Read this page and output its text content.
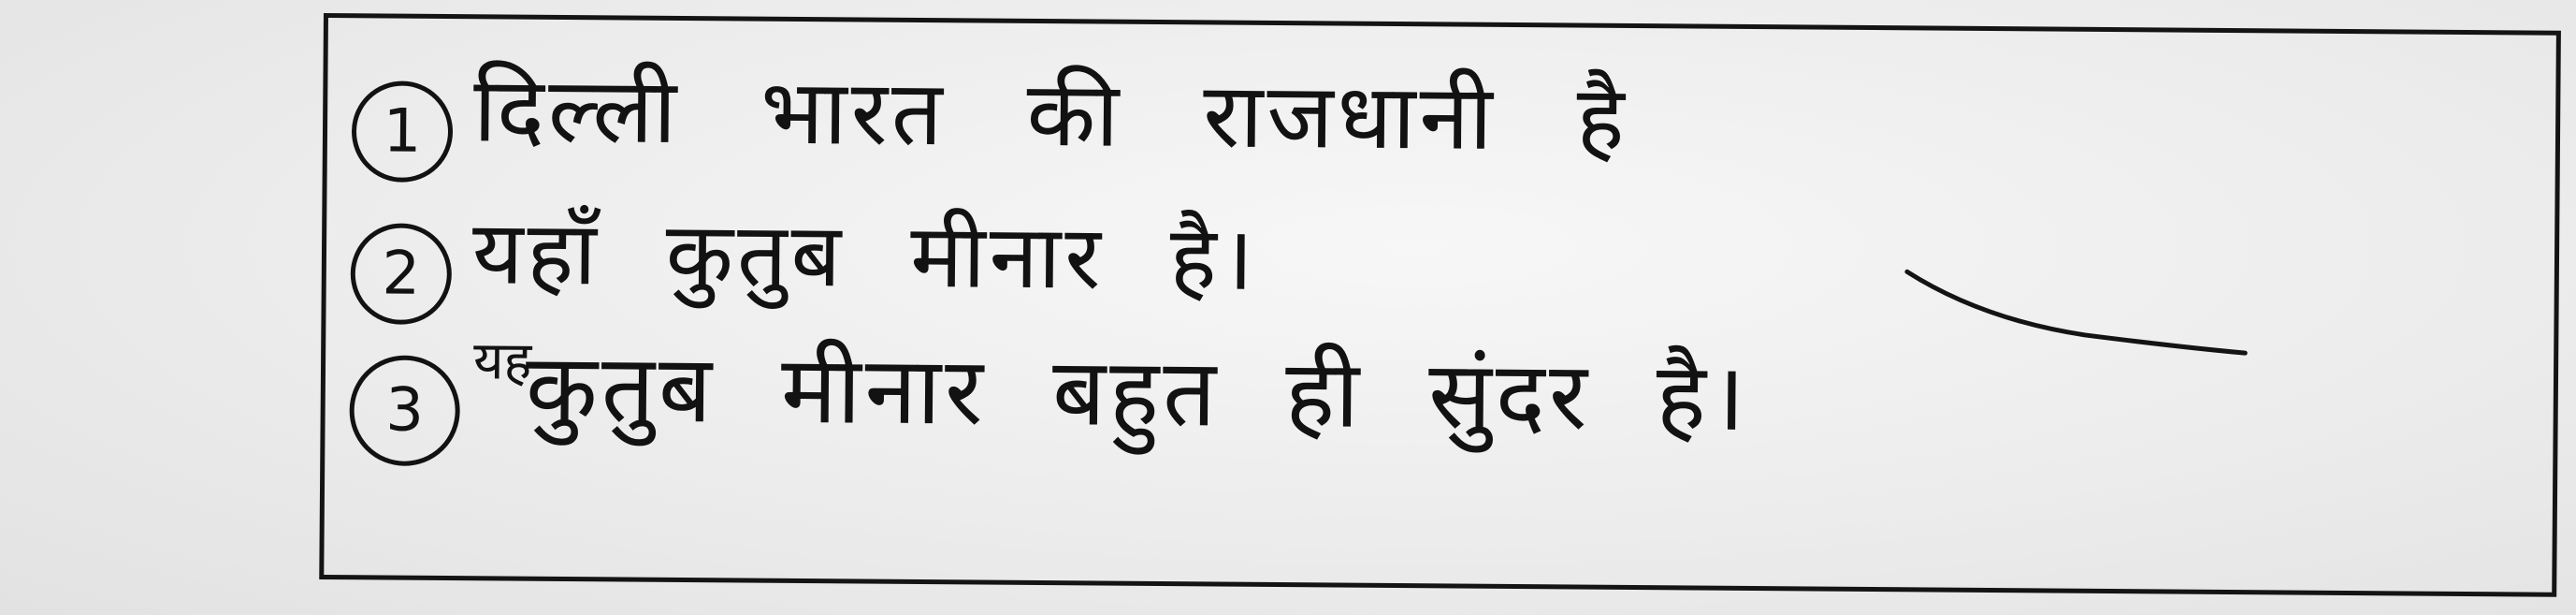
1 दिल्ली भारत की राजधानी है
2 यहाँ कुतुब मीनार है।
3
यह
कुतुब मीनार बहुत ही सुंदर है।
